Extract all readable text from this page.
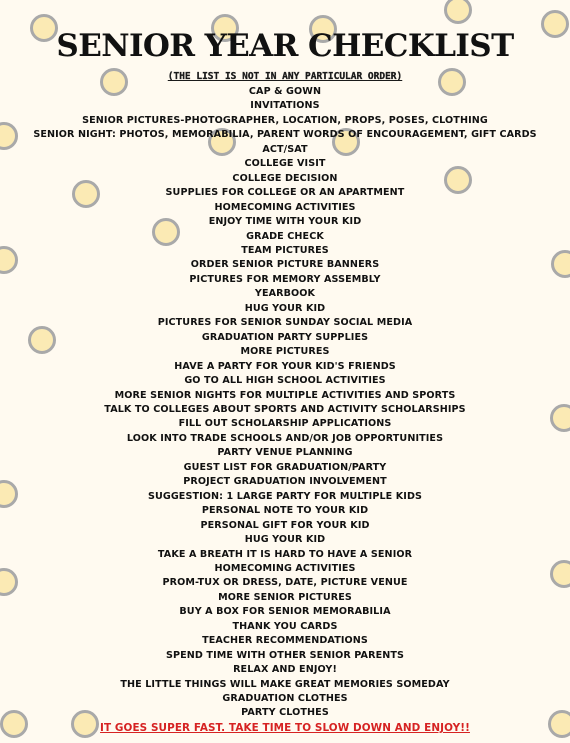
SENIOR YEAR CHECKLIST
(THE LIST IS NOT IN ANY PARTICULAR ORDER)
CAP & GOWN
INVITATIONS
SENIOR PICTURES-PHOTOGRAPHER, LOCATION, PROPS, POSES, CLOTHING
SENIOR NIGHT: PHOTOS, MEMORABILIA, PARENT WORDS OF ENCOURAGEMENT, GIFT CARDS
ACT/SAT
COLLEGE VISIT
COLLEGE DECISION
SUPPLIES FOR COLLEGE OR AN APARTMENT
HOMECOMING ACTIVITIES
ENJOY TIME WITH YOUR KID
GRADE CHECK
TEAM PICTURES
ORDER SENIOR PICTURE BANNERS
PICTURES FOR MEMORY ASSEMBLY
YEARBOOK
HUG YOUR KID
PICTURES FOR SENIOR SUNDAY SOCIAL MEDIA
GRADUATION PARTY SUPPLIES
MORE PICTURES
HAVE A PARTY FOR YOUR KID'S FRIENDS
GO TO ALL HIGH SCHOOL ACTIVITIES
MORE SENIOR NIGHTS FOR MULTIPLE ACTIVITIES AND SPORTS
TALK TO COLLEGES ABOUT SPORTS AND ACTIVITY SCHOLARSHIPS
FILL OUT SCHOLARSHIP APPLICATIONS
LOOK INTO TRADE SCHOOLS AND/OR JOB OPPORTUNITIES
PARTY VENUE PLANNING
GUEST LIST FOR GRADUATION/PARTY
PROJECT GRADUATION INVOLVEMENT
SUGGESTION: 1 LARGE PARTY FOR MULTIPLE KIDS
PERSONAL NOTE TO YOUR KID
PERSONAL GIFT FOR YOUR KID
HUG YOUR KID
TAKE A BREATH IT IS HARD TO HAVE A SENIOR
HOMECOMING ACTIVITIES
PROM-TUX OR DRESS, DATE, PICTURE VENUE
MORE SENIOR PICTURES
BUY A BOX FOR SENIOR MEMORABILIA
THANK YOU CARDS
TEACHER RECOMMENDATIONS
SPEND TIME WITH OTHER SENIOR PARENTS
RELAX AND ENJOY!
THE LITTLE THINGS WILL MAKE GREAT MEMORIES SOMEDAY
GRADUATION CLOTHES
PARTY CLOTHES
IT GOES SUPER FAST. TAKE TIME TO SLOW DOWN AND ENJOY!!
